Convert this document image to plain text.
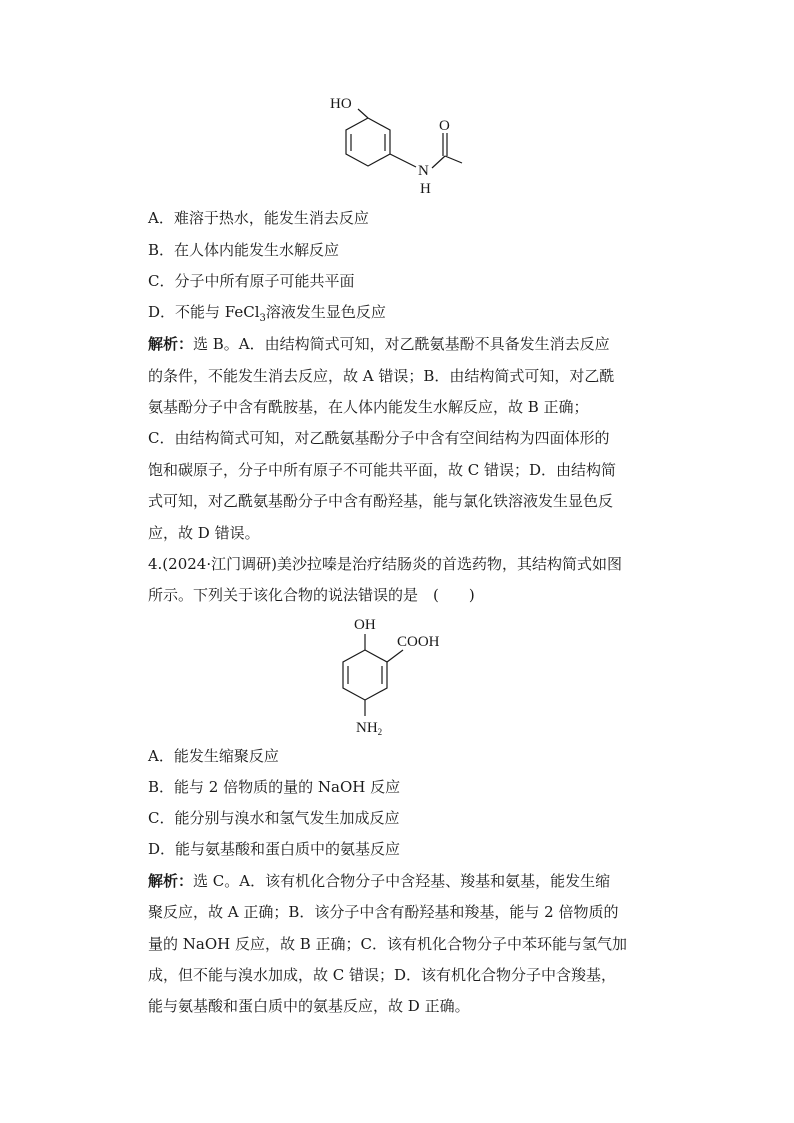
HO
O
N
H
A．难溶于热水，能发生消去反应
B．在人体内能发生水解反应
C．分子中所有原子可能共平面
D．不能与 FeCl$_3$溶液发生显色反应
解析：选 B。A．由结构简式可知，对乙酰氨基酚不具备发生消去反应
的条件，不能发生消去反应，故 A 错误；B．由结构简式可知，对乙酰
氨基酚分子中含有酰胺基，在人体内能发生水解反应，故 B 正确；
C．由结构简式可知，对乙酰氨基酚分子中含有空间结构为四面体形的
饱和碳原子，分子中所有原子不可能共平面，故 C 错误；D．由结构简
式可知，对乙酰氨基酚分子中含有酚羟基，能与氯化铁溶液发生显色反
应，故 D 错误。
4.(2024·江门调研)美沙拉嗪是治疗结肠炎的首选药物，其结构简式如图
所示。下列关于该化合物的说法错误的是　(　　)
OH
COOH
$NH_2$
A．能发生缩聚反应
B．能与 2 倍物质的量的 NaOH 反应
C．能分别与溴水和氢气发生加成反应
D．能与氨基酸和蛋白质中的氨基反应
解析：选 C。A．该有机化合物分子中含羟基、羧基和氨基，能发生缩
聚反应，故 A 正确；B．该分子中含有酚羟基和羧基，能与 2 倍物质的
量的 NaOH 反应，故 B 正确；C．该有机化合物分子中苯环能与氢气加
成，但不能与溴水加成，故 C 错误；D．该有机化合物分子中含羧基，
能与氨基酸和蛋白质中的氨基反应，故 D 正确。
